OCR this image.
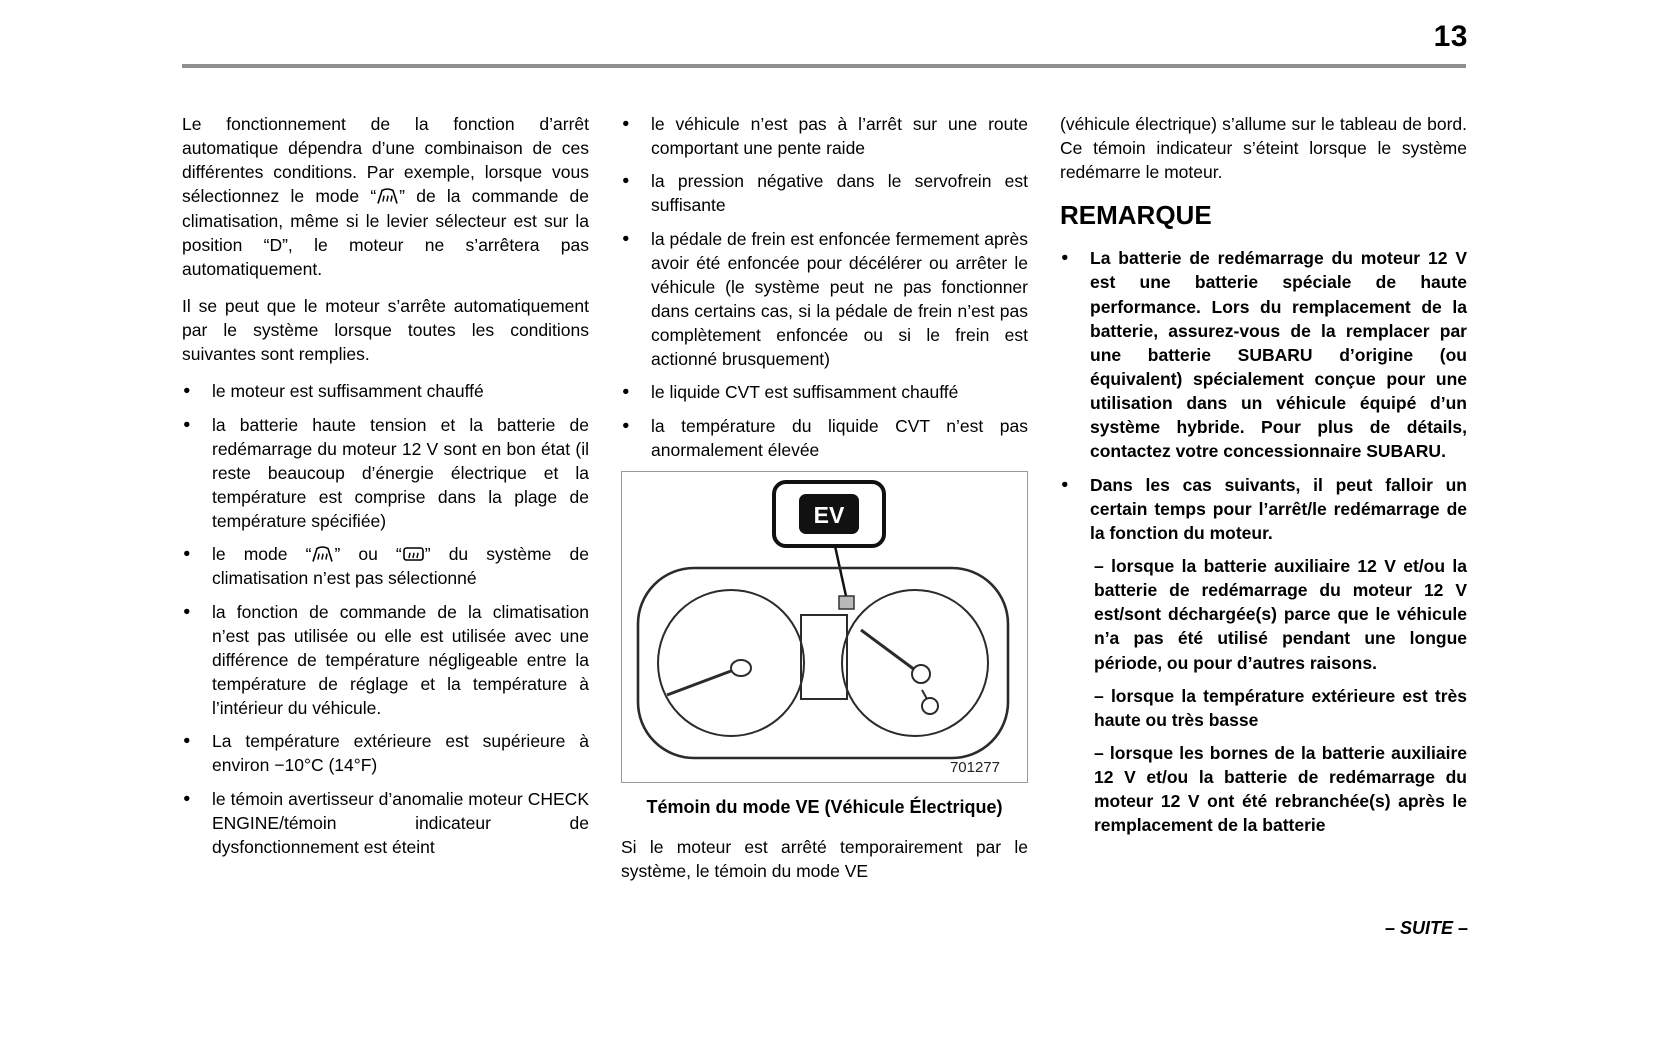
13

Le fonctionnement de la fonction d’arrêt automatique dépendra d’une combinaison de ces différentes conditions. Par exemple, lorsque vous sélectionnez le mode “ ” de la commande de climatisation, même si le levier sélecteur est sur la position “D”, le moteur ne s’arrêtera pas automatiquement.

Il se peut que le moteur s’arrête automatiquement par le système lorsque toutes les conditions suivantes sont remplies.

● le moteur est suffisamment chauffé
● la batterie haute tension et la batterie de redémarrage du moteur 12 V sont en bon état (il reste beaucoup d’énergie électrique et la température est comprise dans la plage de température spécifiée)
● le mode “ ” ou “ ” du système de climatisation n’est pas sélectionné
● la fonction de commande de la climatisation n’est pas utilisée ou elle est utilisée avec une différence de température négligeable entre la température de réglage et la température à l’intérieur du véhicule.
● La température extérieure est supérieure à environ −10°C (14°F)
● le témoin avertisseur d’anomalie moteur CHECK ENGINE/témoin indicateur de dysfonctionnement est éteint
● le véhicule n’est pas à l’arrêt sur une route comportant une pente raide
● la pression négative dans le servofrein est suffisante
● la pédale de frein est enfoncée fermement après avoir été enfoncée pour décélérer ou arrêter le véhicule (le système peut ne pas fonctionner dans certains cas, si la pédale de frein n’est pas complètement enfoncée ou si le frein est actionné brusquement)
● le liquide CVT est suffisamment chauffé
● la température du liquide CVT n’est pas anormalement élevée
EV
701277
Témoin du mode VE (Véhicule Électrique)

Si le moteur est arrêté temporairement par le système, le témoin du mode VE

(véhicule électrique) s’allume sur le tableau de bord. Ce témoin indicateur s’éteint lorsque le système redémarre le moteur.

REMARQUE
● La batterie de redémarrage du moteur 12 V est une batterie spéciale de haute performance. Lors du remplacement de la batterie, assurez-vous de la remplacer par une batterie SUBARU d’origine (ou équivalent) spécialement conçue pour une utilisation dans un véhicule équipé d’un système hybride. Pour plus de détails, contactez votre concessionnaire SUBARU.
● Dans les cas suivants, il peut falloir un certain temps pour l’arrêt/le redémarrage de la fonction du moteur.
– lorsque la batterie auxiliaire 12 V et/ou la batterie de redémarrage du moteur 12 V est/sont déchargée(s) parce que le véhicule n’a pas été utilisé pendant une longue période, ou pour d’autres raisons.
– lorsque la température extérieure est très haute ou très basse
– lorsque les bornes de la batterie auxiliaire 12 V et/ou la batterie de redémarrage du moteur 12 V ont été rebranchée(s) après le remplacement de la batterie
– SUITE –
